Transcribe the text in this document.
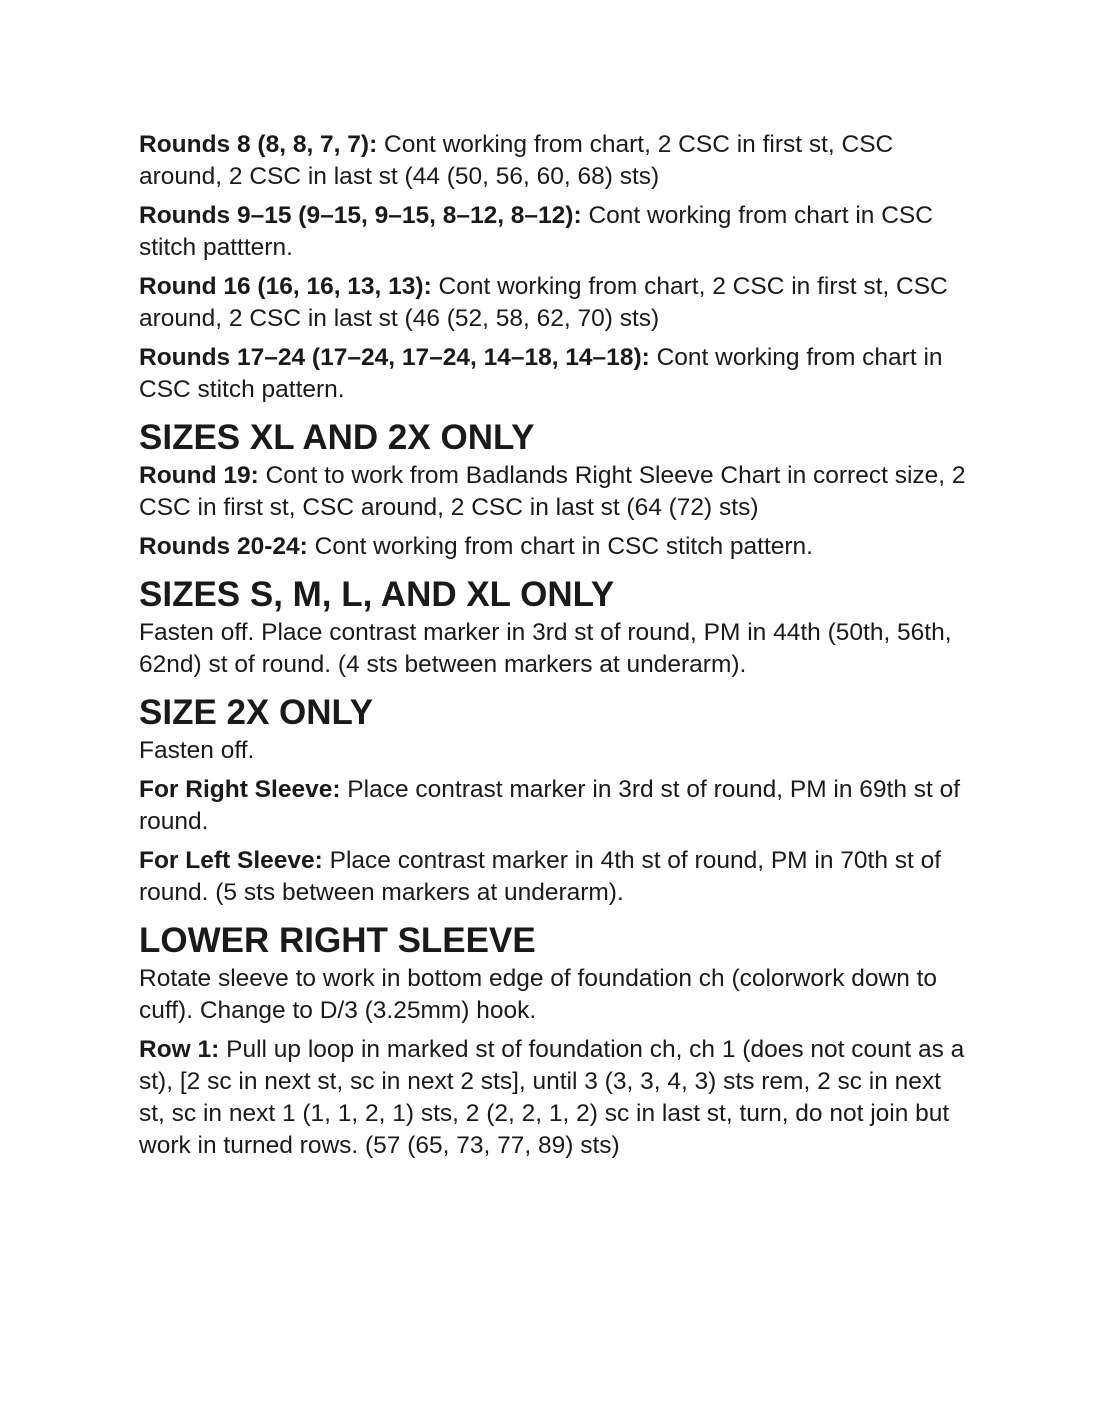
Rounds 8 (8, 8, 7, 7): Cont working from chart, 2 CSC in first st, CSC around, 2 CSC in last st (44 (50, 56, 60, 68) sts)

Rounds 9–15 (9–15, 9–15, 8–12, 8–12): Cont working from chart in CSC stitch patttern.

Round 16 (16, 16, 13, 13): Cont working from chart, 2 CSC in first st, CSC around, 2 CSC in last st (46 (52, 58, 62, 70) sts)

Rounds 17–24 (17–24, 17–24, 14–18, 14–18): Cont working from chart in CSC stitch pattern.

SIZES XL AND 2X ONLY

Round 19: Cont to work from Badlands Right Sleeve Chart in correct size, 2 CSC in first st, CSC around, 2 CSC in last st (64 (72) sts)

Rounds 20-24: Cont working from chart in CSC stitch pattern.

SIZES S, M, L, AND XL ONLY

Fasten off. Place contrast marker in 3rd st of round, PM in 44th (50th, 56th, 62nd) st of round. (4 sts between markers at underarm).

SIZE 2X ONLY

Fasten off.

For Right Sleeve: Place contrast marker in 3rd st of round, PM in 69th st of round.

For Left Sleeve: Place contrast marker in 4th st of round, PM in 70th st of round. (5 sts between markers at underarm).

LOWER RIGHT SLEEVE

Rotate sleeve to work in bottom edge of foundation ch (colorwork down to cuff). Change to D/3 (3.25mm) hook.

Row 1: Pull up loop in marked st of foundation ch, ch 1 (does not count as a st), [2 sc in next st, sc in next 2 sts], until 3 (3, 3, 4, 3) sts rem, 2 sc in next st, sc in next 1 (1, 1, 2, 1) sts, 2 (2, 2, 1, 2) sc in last st, turn, do not join but work in turned rows. (57 (65, 73, 77, 89) sts)
